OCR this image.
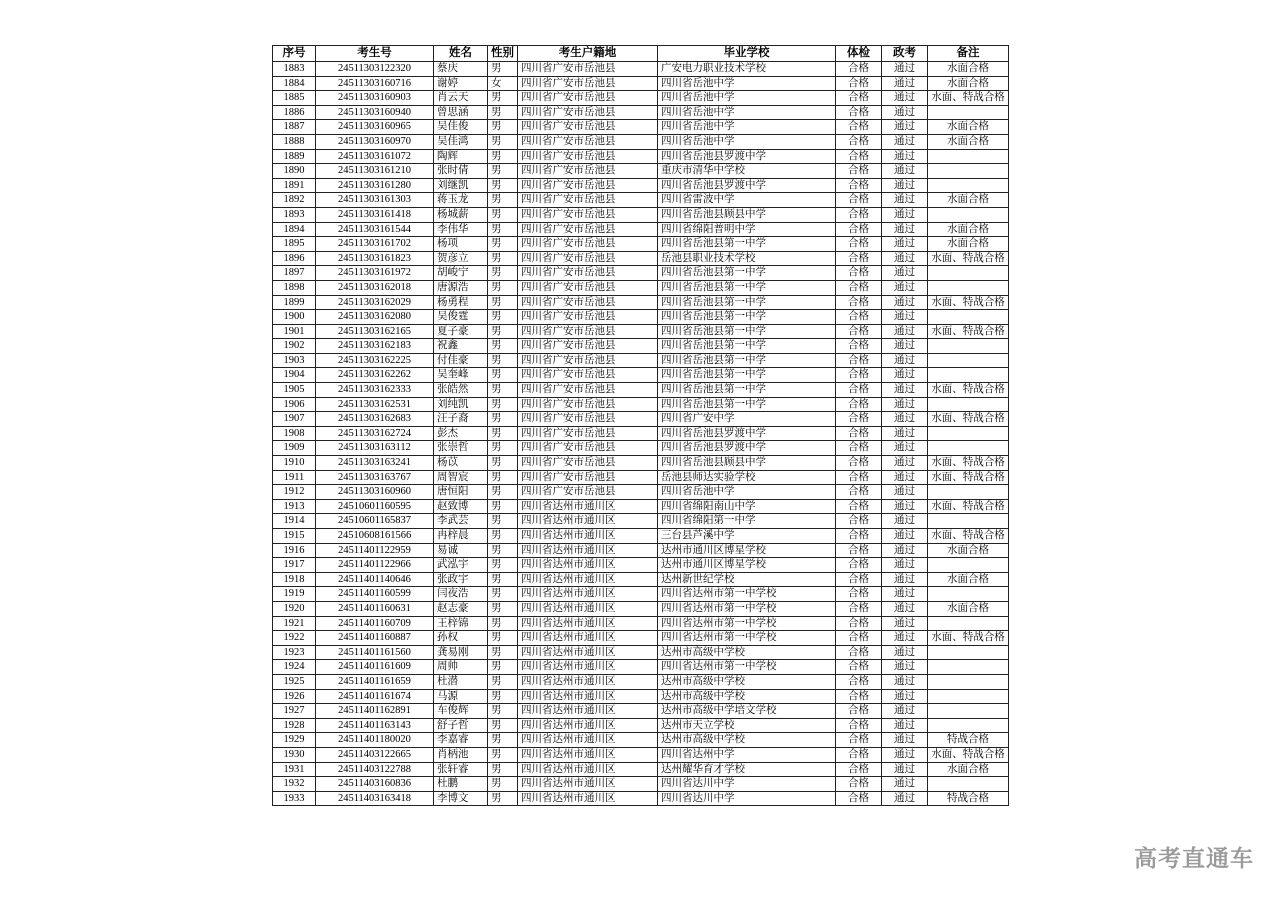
序号	考生号	姓名	性别	考生户籍地	毕业学校	体检	政考	备注
1883	24511303122320	蔡庆	男	四川省广安市岳池县	广安电力职业技术学校	合格	通过	水面合格
1884	24511303160716	谢婷	女	四川省广安市岳池县	四川省岳池中学	合格	通过	水面合格
1885	24511303160903	肖云天	男	四川省广安市岳池县	四川省岳池中学	合格	通过	水面、特战合格
1886	24511303160940	曾思涵	男	四川省广安市岳池县	四川省岳池中学	合格	通过	
1887	24511303160965	吴佳俊	男	四川省广安市岳池县	四川省岳池中学	合格	通过	水面合格
1888	24511303160970	吴佳鸿	男	四川省广安市岳池县	四川省岳池中学	合格	通过	水面合格
1889	24511303161072	陶辉	男	四川省广安市岳池县	四川省岳池县罗渡中学	合格	通过	
1890	24511303161210	张时倩	男	四川省广安市岳池县	重庆市清华中学校	合格	通过	
1891	24511303161280	刘继凯	男	四川省广安市岳池县	四川省岳池县罗渡中学	合格	通过	
1892	24511303161303	蒋玉龙	男	四川省广安市岳池县	四川省雷波中学	合格	通过	水面合格
1893	24511303161418	杨城薪	男	四川省广安市岳池县	四川省岳池县顾县中学	合格	通过	
1894	24511303161544	李伟华	男	四川省广安市岳池县	四川省绵阳普明中学	合格	通过	水面合格
1895	24511303161702	杨项	男	四川省广安市岳池县	四川省岳池县第一中学	合格	通过	水面合格
1896	24511303161823	贺彦立	男	四川省广安市岳池县	岳池县职业技术学校	合格	通过	水面、特战合格
1897	24511303161972	胡峻宁	男	四川省广安市岳池县	四川省岳池县第一中学	合格	通过	
1898	24511303162018	唐源浩	男	四川省广安市岳池县	四川省岳池县第一中学	合格	通过	
1899	24511303162029	杨勇程	男	四川省广安市岳池县	四川省岳池县第一中学	合格	通过	水面、特战合格
1900	24511303162080	吴俊霆	男	四川省广安市岳池县	四川省岳池县第一中学	合格	通过	
1901	24511303162165	夏子豪	男	四川省广安市岳池县	四川省岳池县第一中学	合格	通过	水面、特战合格
1902	24511303162183	祝鑫	男	四川省广安市岳池县	四川省岳池县第一中学	合格	通过	
1903	24511303162225	付佳豪	男	四川省广安市岳池县	四川省岳池县第一中学	合格	通过	
1904	24511303162262	吴奎峰	男	四川省广安市岳池县	四川省岳池县第一中学	合格	通过	
1905	24511303162333	张皓然	男	四川省广安市岳池县	四川省岳池县第一中学	合格	通过	水面、特战合格
1906	24511303162531	刘纯凯	男	四川省广安市岳池县	四川省岳池县第一中学	合格	通过	
1907	24511303162683	汪子裔	男	四川省广安市岳池县	四川省广安中学	合格	通过	水面、特战合格
1908	24511303162724	彭杰	男	四川省广安市岳池县	四川省岳池县罗渡中学	合格	通过	
1909	24511303163112	张崇哲	男	四川省广安市岳池县	四川省岳池县罗渡中学	合格	通过	
1910	24511303163241	杨苡	男	四川省广安市岳池县	四川省岳池县顾县中学	合格	通过	水面、特战合格
1911	24511303163767	周智宸	男	四川省广安市岳池县	岳池县师达实验学校	合格	通过	水面、特战合格
1912	24511303160960	唐恒阳	男	四川省广安市岳池县	四川省岳池中学	合格	通过	
1913	24510601160595	赵致博	男	四川省达州市通川区	四川省绵阳南山中学	合格	通过	水面、特战合格
1914	24510601165837	李武芸	男	四川省达州市通川区	四川省绵阳第一中学	合格	通过	
1915	24510608161566	冉梓晨	男	四川省达州市通川区	三台县芦溪中学	合格	通过	水面、特战合格
1916	24511401122959	易诚	男	四川省达州市通川区	达州市通川区博星学校	合格	通过	水面合格
1917	24511401122966	武泓宇	男	四川省达州市通川区	达州市通川区博星学校	合格	通过	
1918	24511401140646	张政宇	男	四川省达州市通川区	达州新世纪学校	合格	通过	水面合格
1919	24511401160599	闫夜浩	男	四川省达州市通川区	四川省达州市第一中学校	合格	通过	
1920	24511401160631	赵志豪	男	四川省达州市通川区	四川省达州市第一中学校	合格	通过	水面合格
1921	24511401160709	王梓锦	男	四川省达州市通川区	四川省达州市第一中学校	合格	通过	
1922	24511401160887	孙权	男	四川省达州市通川区	四川省达州市第一中学校	合格	通过	水面、特战合格
1923	24511401161560	龚易刚	男	四川省达州市通川区	达州市高级中学校	合格	通过	
1924	24511401161609	周帅	男	四川省达州市通川区	四川省达州市第一中学校	合格	通过	
1925	24511401161659	杜潜	男	四川省达州市通川区	达州市高级中学校	合格	通过	
1926	24511401161674	马源	男	四川省达州市通川区	达州市高级中学校	合格	通过	
1927	24511401162891	车俊辉	男	四川省达州市通川区	达州市高级中学培文学校	合格	通过	
1928	24511401163143	舒子哲	男	四川省达州市通川区	达州市天立学校	合格	通过	
1929	24511401180020	李嘉睿	男	四川省达州市通川区	达州市高级中学校	合格	通过	特战合格
1930	24511403122665	肖柄池	男	四川省达州市通川区	四川省达州中学	合格	通过	水面、特战合格
1931	24511403122788	张轩睿	男	四川省达州市通川区	达州耀华育才学校	合格	通过	水面合格
1932	24511403160836	杜鹏	男	四川省达州市通川区	四川省达川中学	合格	通过	
1933	24511403163418	李博文	男	四川省达州市通川区	四川省达川中学	合格	通过	特战合格
高考直通车
